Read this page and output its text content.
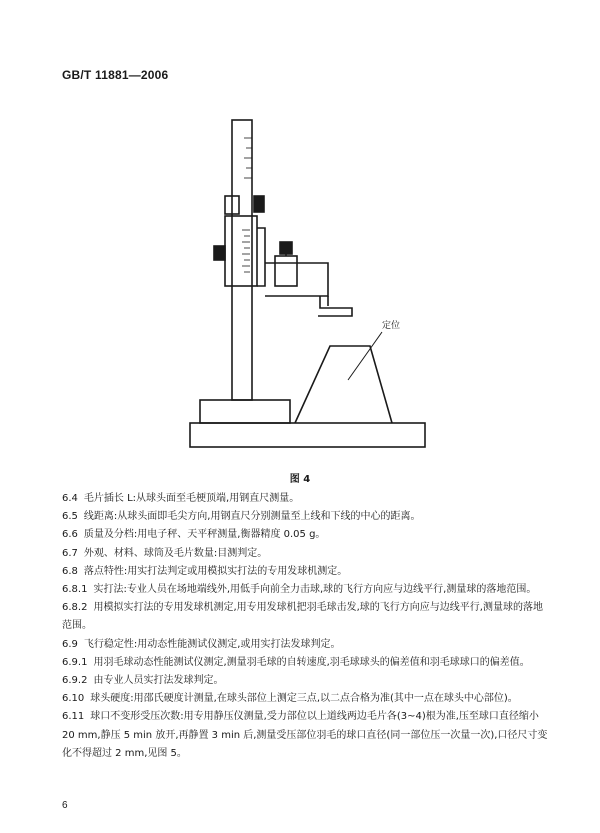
GB/T 11881—2006
定位
图 4

6.4 毛片插长 L:从球头面至毛梗顶端,用钢直尺测量。

6.5 线距离:从球头面即毛尖方向,用钢直尺分别测量至上线和下线的中心的距离。

6.6 质量及分档:用电子秤、天平秤测量,衡器精度 0.05 g。

6.7 外观、材料、球筒及毛片数量:目测判定。

6.8 落点特性:用实打法判定或用模拟实打法的专用发球机测定。

6.8.1 实打法:专业人员在场地端线外,用低手向前全力击球,球的飞行方向应与边线平行,测量球的落地范围。

6.8.2 用模拟实打法的专用发球机测定,用专用发球机把羽毛球击发,球的飞行方向应与边线平行,测量球的落地范围。

6.9 飞行稳定性:用动态性能测试仪测定,或用实打法发球判定。

6.9.1 用羽毛球动态性能测试仪测定,测量羽毛球的自转速度,羽毛球球头的偏差值和羽毛球球口的偏差值。

6.9.2 由专业人员实打法发球判定。

6.10 球头硬度:用邵氏硬度计测量,在球头部位上测定三点,以二点合格为准(其中一点在球头中心部位)。

6.11 球口不变形受压次数:用专用静压仪测量,受力部位以上道线两边毛片各(3~4)根为准,压至球口直径缩小 20 mm,静压 5 min 放开,再静置 3 min 后,测量受压部位羽毛的球口直径(同一部位压一次量一次),口径尺寸变化不得超过 2 mm,见图 5。

6
